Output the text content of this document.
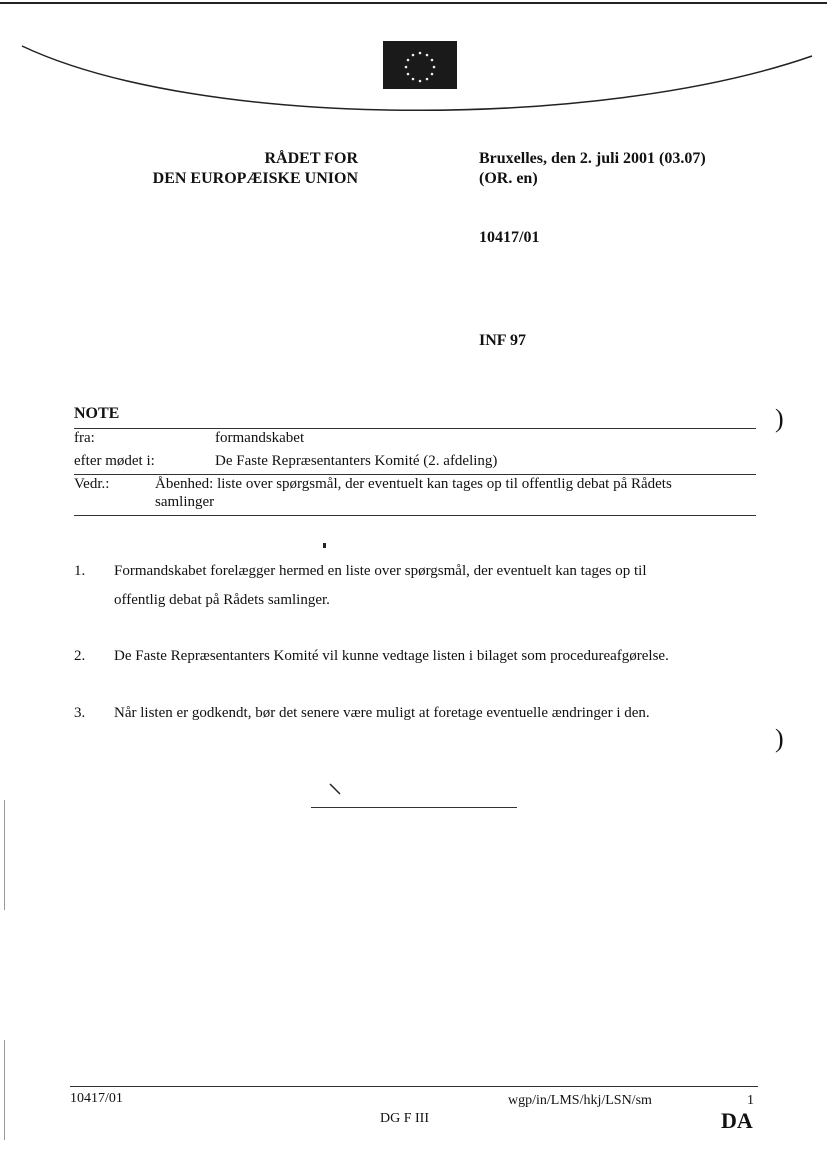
RÅDET FOR
DEN EUROPÆISKE UNION
Bruxelles, den 2. juli 2001 (03.07)
(OR. en)
10417/01
INF 97
NOTE
fra:	formandskabet
efter mødet i:	De Faste Repræsentanters Komité (2. afdeling)
Vedr.:	Åbenhed: liste over spørgsmål, der eventuelt kan tages op til offentlig debat på Rådets
samlinger
1. Formandskabet forelægger hermed en liste over spørgsmål, der eventuelt kan tages op til
offentlig debat på Rådets samlinger.
2. De Faste Repræsentanters Komité vil kunne vedtage listen i bilaget som procedureafgørelse.
3. Når listen er godkendt, bør det senere være muligt at foretage eventuelle ændringer i den.
)
)
10417/01	wgp/in/LMS/hkj/LSN/sm	1
DG F III	DA
